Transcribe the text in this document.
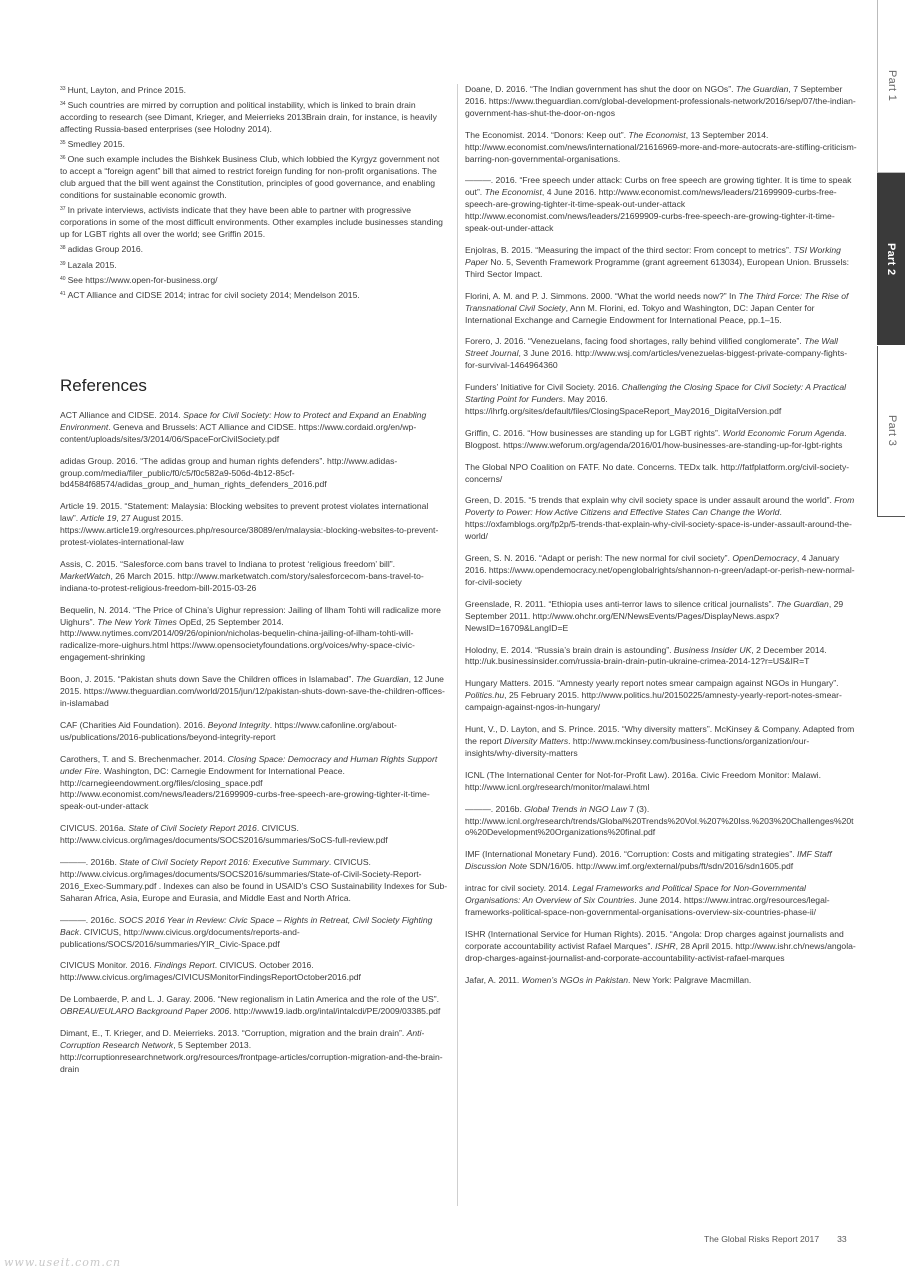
Part 1
Part 2
Part 3
$^{33}$ Hunt, Layton, and Prince 2015.
$^{34}$ Such countries are mirred by corruption and political instability, which is linked to brain drain according to research (see Dimant, Krieger, and Meierrieks 2013Brain drain, for instance, is heavily affecting Russia-based enterprises (see Holodny 2014).
$^{35}$ Smedley 2015.
$^{36}$ One such example includes the Bishkek Business Club, which lobbied the Kyrgyz government not to accept a “foreign agent” bill that aimed to restrict foreign funding for non-profit organisations. The club argued that the bill went against the Constitution, principles of good governance, and enabling conditions for sustainable economic growth.
$^{37}$ In private interviews, activists indicate that they have been able to partner with progressive corporations in some of the most difficult environments. Other examples include businesses standing up for LGBT rights all over the world; see Griffin 2015.
$^{38}$ adidas Group 2016.
$^{39}$ Lazala 2015.
$^{40}$ See https://www.open-for-business.org/
$^{41}$ ACT Alliance and CIDSE 2014; intrac for civil society 2014; Mendelson 2015.
References
ACT Alliance and CIDSE. 2014. Space for Civil Society: How to Protect and Expand an Enabling Environment. Geneva and Brussels: ACT Alliance and CIDSE. https://www.cordaid.org/en/wp-content/uploads/sites/3/2014/06/SpaceForCivilSociety.pdf
adidas Group. 2016. “The adidas group and human rights defenders”. http://www.adidas-group.com/media/filer_public/f0/c5/f0c582a9-506d-4b12-85cf-bd4584f68574/adidas_group_and_human_rights_defenders_2016.pdf
Article 19. 2015. “Statement: Malaysia: Blocking websites to prevent protest violates international law”. Article 19, 27 August 2015. https://www.article19.org/resources.php/resource/38089/en/malaysia:-blocking-websites-to-prevent-protest-violates-international-law
Assis, C. 2015. “Salesforce.com bans travel to Indiana to protest ‘religious freedom’ bill”. MarketWatch, 26 March 2015. http://www.marketwatch.com/story/salesforcecom-bans-travel-to-indiana-to-protest-religious-freedom-bill-2015-03-26
Bequelin, N. 2014. “The Price of China’s Uighur repression: Jailing of Ilham Tohti will radicalize more Uighurs”. The New York Times OpEd, 25 September 2014. http://www.nytimes.com/2014/09/26/opinion/nicholas-bequelin-china-jailing-of-ilham-tohti-will-radicalize-more-uighurs.html https://www.opensocietyfoundations.org/voices/why-space-civic-engagement-shrinking
Boon, J. 2015. “Pakistan shuts down Save the Children offices in Islamabad”. The Guardian, 12 June 2015. https://www.theguardian.com/world/2015/jun/12/pakistan-shuts-down-save-the-children-offices-in-islamabad
CAF (Charities Aid Foundation). 2016. Beyond Integrity. https://www.cafonline.org/about-us/publications/2016-publications/beyond-integrity-report
Carothers, T. and S. Brechenmacher. 2014. Closing Space: Democracy and Human Rights Support under Fire. Washington, DC: Carnegie Endowment for International Peace. http://carnegieendowment.org/files/closing_space.pdf http://www.economist.com/news/leaders/21699909-curbs-free-speech-are-growing-tighter-it-time-speak-out-under-attack
CIVICUS. 2016a. State of Civil Society Report 2016. CIVICUS. http://www.civicus.org/images/documents/SOCS2016/summaries/SoCS-full-review.pdf
———. 2016b. State of Civil Society Report 2016: Executive Summary. CIVICUS. http://www.civicus.org/images/documents/SOCS2016/summaries/State-of-Civil-Society-Report-2016_Exec-Summary.pdf . Indexes can also be found in USAID’s CSO Sustainability Indexes for Sub-Saharan Africa, Asia, Europe and Eurasia, and Middle East and North Africa.
———. 2016c. SOCS 2016 Year in Review: Civic Space – Rights in Retreat, Civil Society Fighting Back. CIVICUS, http://www.civicus.org/documents/reports-and-publications/SOCS/2016/summaries/YIR_Civic-Space.pdf
CIVICUS Monitor. 2016. Findings Report. CIVICUS. October 2016. http://www.civicus.org/images/CIVICUSMonitorFindingsReportOctober2016.pdf
De Lombaerde, P. and L. J. Garay. 2006. “New regionalism in Latin America and the role of the US”. OBREAU/EULARO Background Paper 2006. http://www19.iadb.org/intal/intalcdi/PE/2009/03385.pdf
Dimant, E., T. Krieger, and D. Meierrieks. 2013. “Corruption, migration and the brain drain”. Anti-Corruption Research Network, 5 September 2013. http://corruptionresearchnetwork.org/resources/frontpage-articles/corruption-migration-and-the-brain-drain
Doane, D. 2016. “The Indian government has shut the door on NGOs”. The Guardian, 7 September 2016. https://www.theguardian.com/global-development-professionals-network/2016/sep/07/the-indian-government-has-shut-the-door-on-ngos
The Economist. 2014. “Donors: Keep out”. The Economist, 13 September 2014. http://www.economist.com/news/international/21616969-more-and-more-autocrats-are-stifling-criticism-barring-non-governmental-organisations.
———. 2016. “Free speech under attack: Curbs on free speech are growing tighter. It is time to speak out”. The Economist, 4 June 2016. http://www.economist.com/news/leaders/21699909-curbs-free-speech-are-growing-tighter-it-time-speak-out-under-attack http://www.economist.com/news/leaders/21699909-curbs-free-speech-are-growing-tighter-it-time-speak-out-under-attack
Enjolras, B. 2015. “Measuring the impact of the third sector: From concept to metrics”. TSI Working Paper No. 5, Seventh Framework Programme (grant agreement 613034), European Union. Brussels: Third Sector Impact.
Florini, A. M. and P. J. Simmons. 2000. “What the world needs now?” In The Third Force: The Rise of Transnational Civil Society, Ann M. Florini, ed. Tokyo and Washington, DC: Japan Center for International Exchange and Carnegie Endowment for International Peace, pp.1–15.
Forero, J. 2016. “Venezuelans, facing food shortages, rally behind vilified conglomerate”. The Wall Street Journal, 3 June 2016. http://www.wsj.com/articles/venezuelas-biggest-private-company-fights-for-survival-1464964360
Funders’ Initiative for Civil Society. 2016. Challenging the Closing Space for Civil Society: A Practical Starting Point for Funders. May 2016. https://ihrfg.org/sites/default/files/ClosingSpaceReport_May2016_DigitalVersion.pdf
Griffin, C. 2016. “How businesses are standing up for LGBT rights”. World Economic Forum Agenda. Blogpost. https://www.weforum.org/agenda/2016/01/how-businesses-are-standing-up-for-lgbt-rights
The Global NPO Coalition on FATF. No date. Concerns. TEDx talk. http://fatfplatform.org/civil-society-concerns/
Green, D. 2015. “5 trends that explain why civil society space is under assault around the world”. From Poverty to Power: How Active Citizens and Effective States Can Change the World. https://oxfamblogs.org/fp2p/5-trends-that-explain-why-civil-society-space-is-under-assault-around-the-world/
Green, S. N. 2016. “Adapt or perish: The new normal for civil society”. OpenDemocracy, 4 January 2016. https://www.opendemocracy.net/openglobalrights/shannon-n-green/adapt-or-perish-new-normal-for-civil-society
Greenslade, R. 2011. “Ethiopia uses anti-terror laws to silence critical journalists”. The Guardian, 29 September 2011. http://www.ohchr.org/EN/NewsEvents/Pages/DisplayNews.aspx?NewsID=16709&LangID=E
Holodny, E. 2014. “Russia’s brain drain is astounding”. Business Insider UK, 2 December 2014. http://uk.businessinsider.com/russia-brain-drain-putin-ukraine-crimea-2014-12?r=US&IR=T
Hungary Matters. 2015. “Amnesty yearly report notes smear campaign against NGOs in Hungary”. Politics.hu, 25 February 2015. http://www.politics.hu/20150225/amnesty-yearly-report-notes-smear-campaign-against-ngos-in-hungary/
Hunt, V., D. Layton, and S. Prince. 2015. “Why diversity matters”. McKinsey & Company. Adapted from the report Diversity Matters. http://www.mckinsey.com/business-functions/organization/our-insights/why-diversity-matters
ICNL (The International Center for Not-for-Profit Law). 2016a. Civic Freedom Monitor: Malawi. http://www.icnl.org/research/monitor/malawi.html
———. 2016b. Global Trends in NGO Law 7 (3). http://www.icnl.org/research/trends/Global%20Trends%20Vol.%207%20Iss.%203%20Challenges%20to%20Development%20Organizations%20final.pdf
IMF (International Monetary Fund). 2016. “Corruption: Costs and mitigating strategies”. IMF Staff Discussion Note SDN/16/05. http://www.imf.org/external/pubs/ft/sdn/2016/sdn1605.pdf
intrac for civil society. 2014. Legal Frameworks and Political Space for Non-Governmental Organisations: An Overview of Six Countries. June 2014. https://www.intrac.org/resources/legal-frameworks-political-space-non-governmental-organisations-overview-six-countries-phase-ii/
ISHR (International Service for Human Rights). 2015. “Angola: Drop charges against journalists and corporate accountability activist Rafael Marques”. ISHR, 28 April 2015. http://www.ishr.ch/news/angola-drop-charges-against-journalist-and-corporate-accountability-activist-rafael-marques
Jafar, A. 2011. Women’s NGOs in Pakistan. New York: Palgrave Macmillan.
The Global Risks Report 2017 33
www.useit.com.cn
